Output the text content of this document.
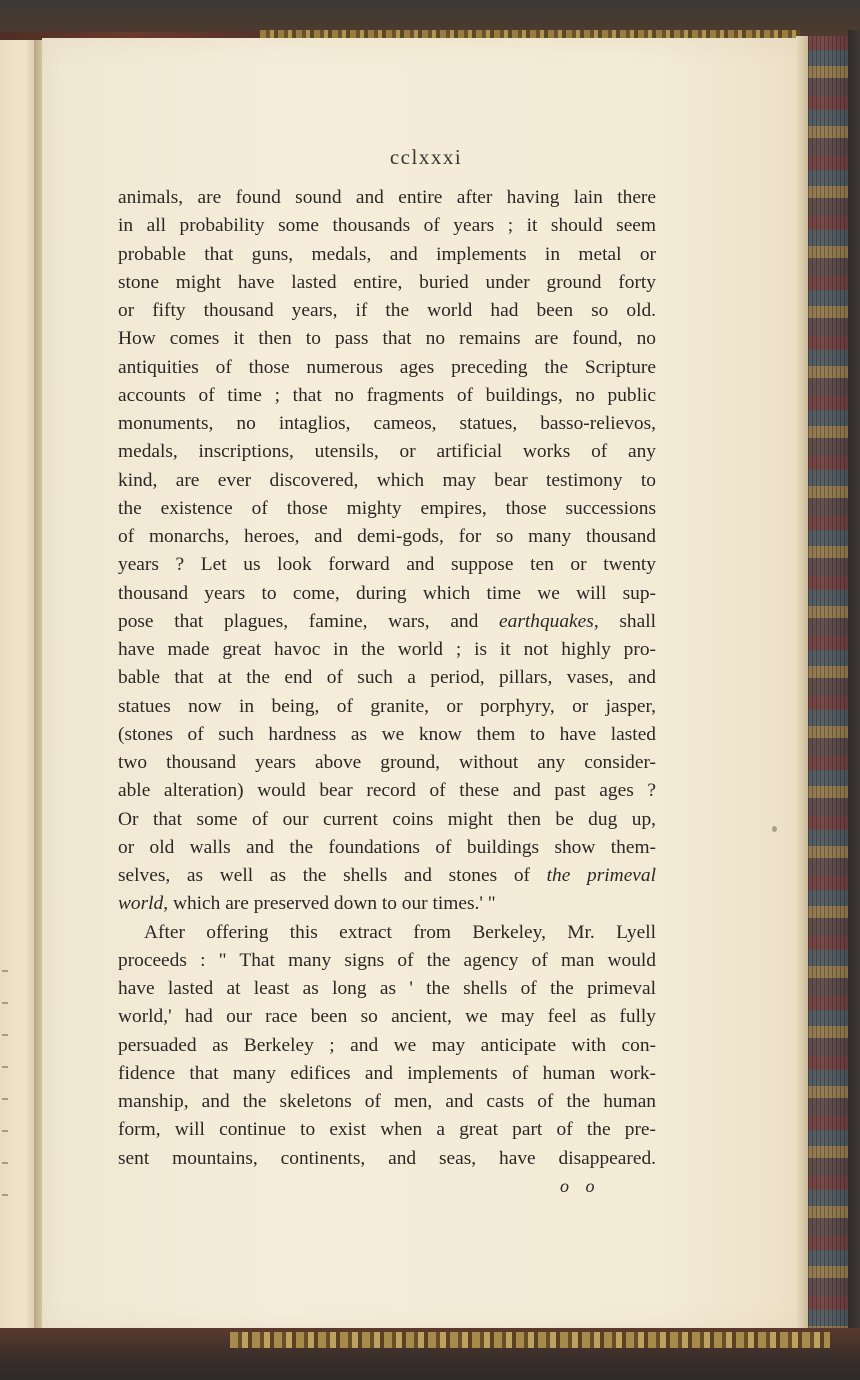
cclxxxi
animals, are found sound and entire after having lain there
in all probability some thousands of years ; it should seem
probable that guns, medals, and implements in metal or
stone might have lasted entire, buried under ground forty
or fifty thousand years, if the world had been so old.
How comes it then to pass that no remains are found, no
antiquities of those numerous ages preceding the Scripture
accounts of time ; that no fragments of buildings, no public
monuments, no intaglios, cameos, statues, basso-relievos,
medals, inscriptions, utensils, or artificial works of any
kind, are ever discovered, which may bear testimony to
the existence of those mighty empires, those successions
of monarchs, heroes, and demi-gods, for so many thousand
years ? Let us look forward and suppose ten or twenty
thousand years to come, during which time we will sup-
pose that plagues, famine, wars, and earthquakes, shall
have made great havoc in the world ; is it not highly pro-
bable that at the end of such a period, pillars, vases, and
statues now in being, of granite, or porphyry, or jasper,
(stones of such hardness as we know them to have lasted
two thousand years above ground, without any consider-
able alteration) would bear record of these and past ages ?
Or that some of our current coins might then be dug up,
or old walls and the foundations of buildings show them-
selves, as well as the shells and stones of the primeval
world, which are preserved down to our times.' "
After offering this extract from Berkeley, Mr. Lyell
proceeds : " That many signs of the agency of man would
have lasted at least as long as ' the shells of the primeval
world,' had our race been so ancient, we may feel as fully
persuaded as Berkeley ; and we may anticipate with con-
fidence that many edifices and implements of human work-
manship, and the skeletons of men, and casts of the human
form, will continue to exist when a great part of the pre-
sent mountains, continents, and seas, have disappeared.
o o
